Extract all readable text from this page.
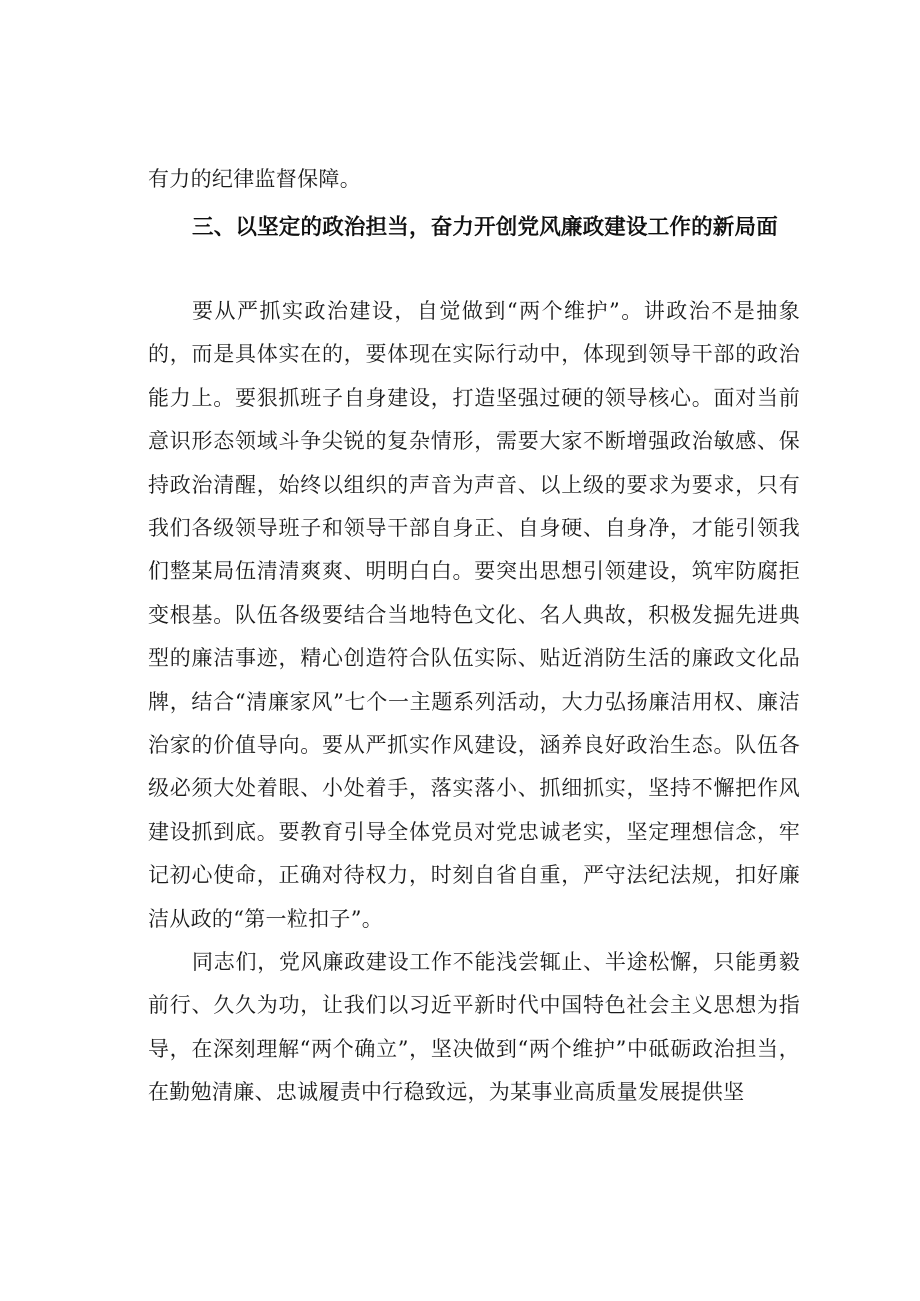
有力的纪律监督保障。

三、以坚定的政治担当，奋力开创党风廉政建设工作的新局面

要从严抓实政治建设，自觉做到“两个维护”。讲政治不是抽象的，而是具体实在的，要体现在实际行动中，体现到领导干部的政治能力上。要狠抓班子自身建设，打造坚强过硬的领导核心。面对当前意识形态领域斗争尖锐的复杂情形，需要大家不断增强政治敏感、保持政治清醒，始终以组织的声音为声音、以上级的要求为要求，只有我们各级领导班子和领导干部自身正、自身硬、自身净，才能引领我们整某局伍清清爽爽、明明白白。要突出思想引领建设，筑牢防腐拒变根基。队伍各级要结合当地特色文化、名人典故，积极发掘先进典型的廉洁事迹，精心创造符合队伍实际、贴近消防生活的廉政文化品牌，结合“清廉家风”七个一主题系列活动，大力弘扬廉洁用权、廉洁治家的价值导向。要从严抓实作风建设，涵养良好政治生态。队伍各级必须大处着眼、小处着手，落实落小、抓细抓实，坚持不懈把作风建设抓到底。要教育引导全体党员对党忠诚老实，坚定理想信念，牢记初心使命，正确对待权力，时刻自省自重，严守法纪法规，扣好廉洁从政的“第一粒扣子”。

同志们，党风廉政建设工作不能浅尝辄止、半途松懈，只能勇毅前行、久久为功，让我们以习近平新时代中国特色社会主义思想为指导，在深刻理解“两个确立”，坚决做到“两个维护”中砥砺政治担当，在勤勉清廉、忠诚履责中行稳致远，为某事业高质量发展提供坚
